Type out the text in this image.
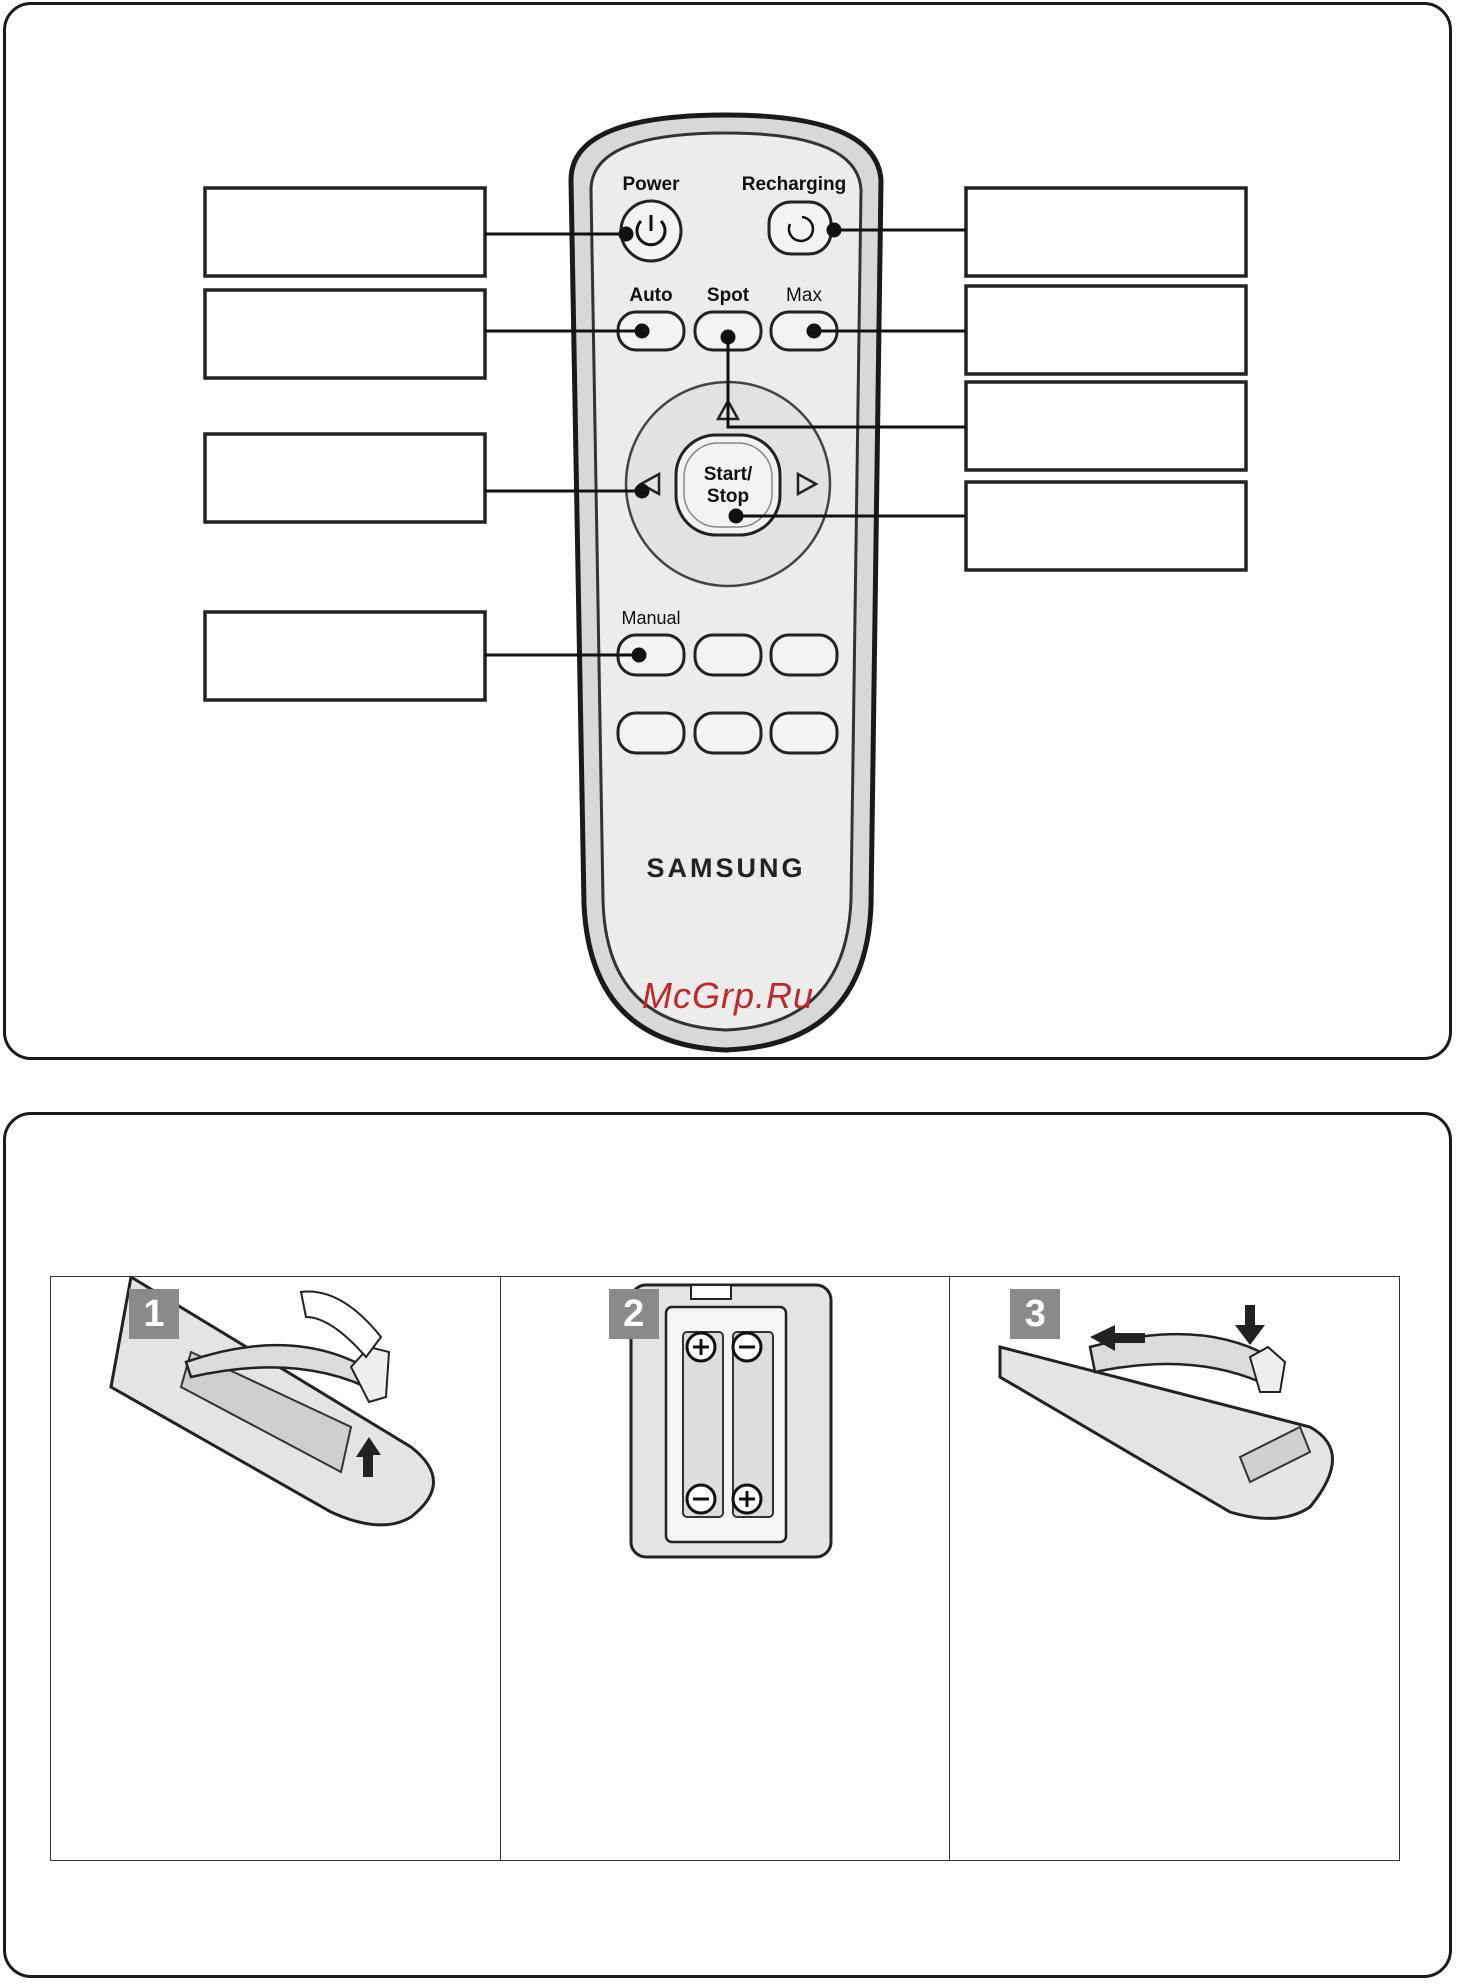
Start/
Stop
Power	Recharging
Auto Spot Max
Manual
SAMSUNG
McGrp.Ru
1	2	3
